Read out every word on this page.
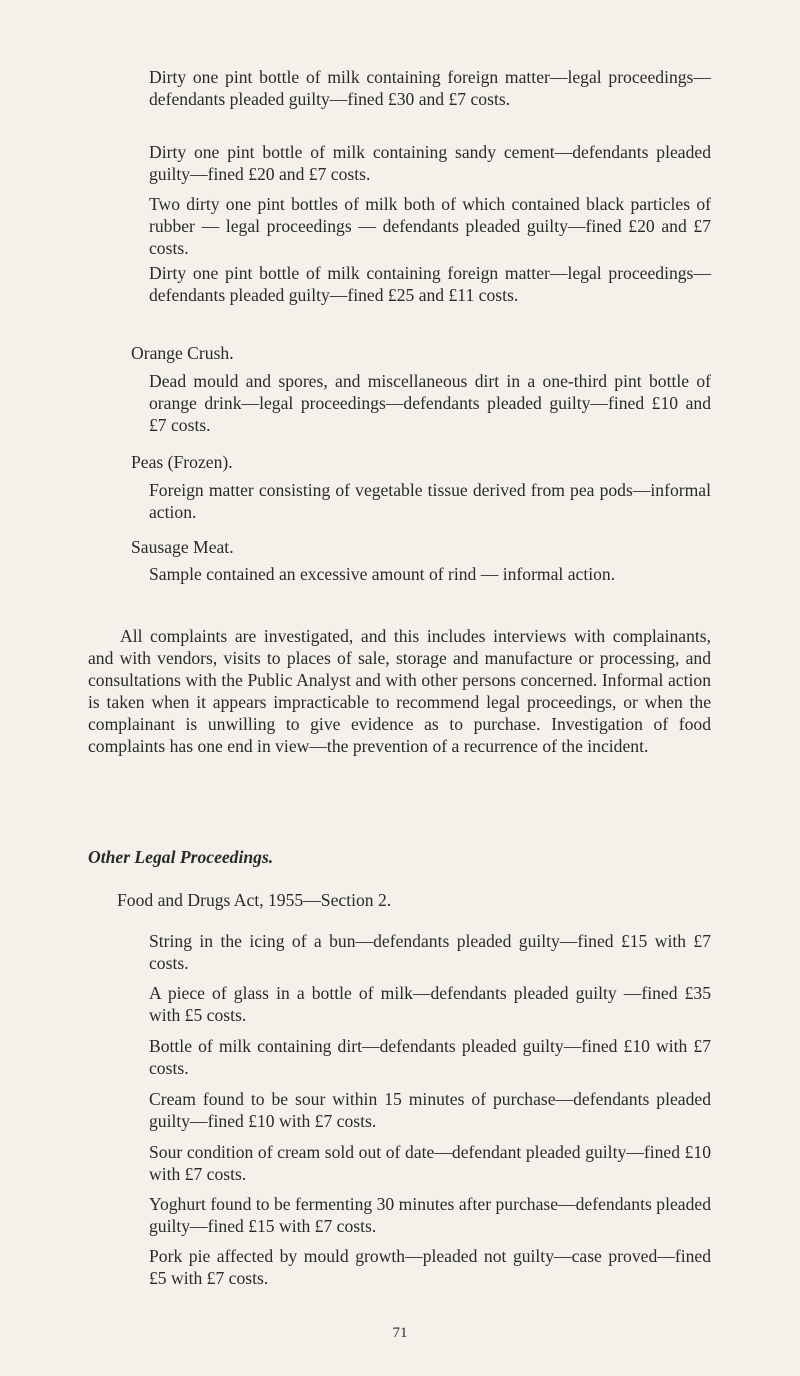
Dirty one pint bottle of milk containing foreign matter—legal proceedings—defendants pleaded guilty—fined £30 and £7 costs.

Dirty one pint bottle of milk containing sandy cement—defendants pleaded guilty—fined £20 and £7 costs.

Two dirty one pint bottles of milk both of which contained black particles of rubber — legal proceedings — defendants pleaded guilty—fined £20 and £7 costs.

Dirty one pint bottle of milk containing foreign matter—legal proceedings—defendants pleaded guilty—fined £25 and £11 costs.

Orange Crush.

Dead mould and spores, and miscellaneous dirt in a one-third pint bottle of orange drink—legal proceedings—defendants pleaded guilty—fined £10 and £7 costs.

Peas (Frozen).

Foreign matter consisting of vegetable tissue derived from pea pods—informal action.

Sausage Meat.

Sample contained an excessive amount of rind — informal action.

All complaints are investigated, and this includes interviews with complainants, and with vendors, visits to places of sale, storage and manufacture or processing, and consultations with the Public Analyst and with other persons concerned. Informal action is taken when it appears impracticable to recommend legal proceedings, or when the complainant is unwilling to give evidence as to purchase. Investigation of food complaints has one end in view—the prevention of a recurrence of the incident.

Other Legal Proceedings.
Food and Drugs Act, 1955—Section 2.

String in the icing of a bun—defendants pleaded guilty—fined £15 with £7 costs.

A piece of glass in a bottle of milk—defendants pleaded guilty —fined £35 with £5 costs.

Bottle of milk containing dirt—defendants pleaded guilty—fined £10 with £7 costs.

Cream found to be sour within 15 minutes of purchase—defendants pleaded guilty—fined £10 with £7 costs.

Sour condition of cream sold out of date—defendant pleaded guilty—fined £10 with £7 costs.

Yoghurt found to be fermenting 30 minutes after purchase—defendants pleaded guilty—fined £15 with £7 costs.

Pork pie affected by mould growth—pleaded not guilty—case proved—fined £5 with £7 costs.

71
